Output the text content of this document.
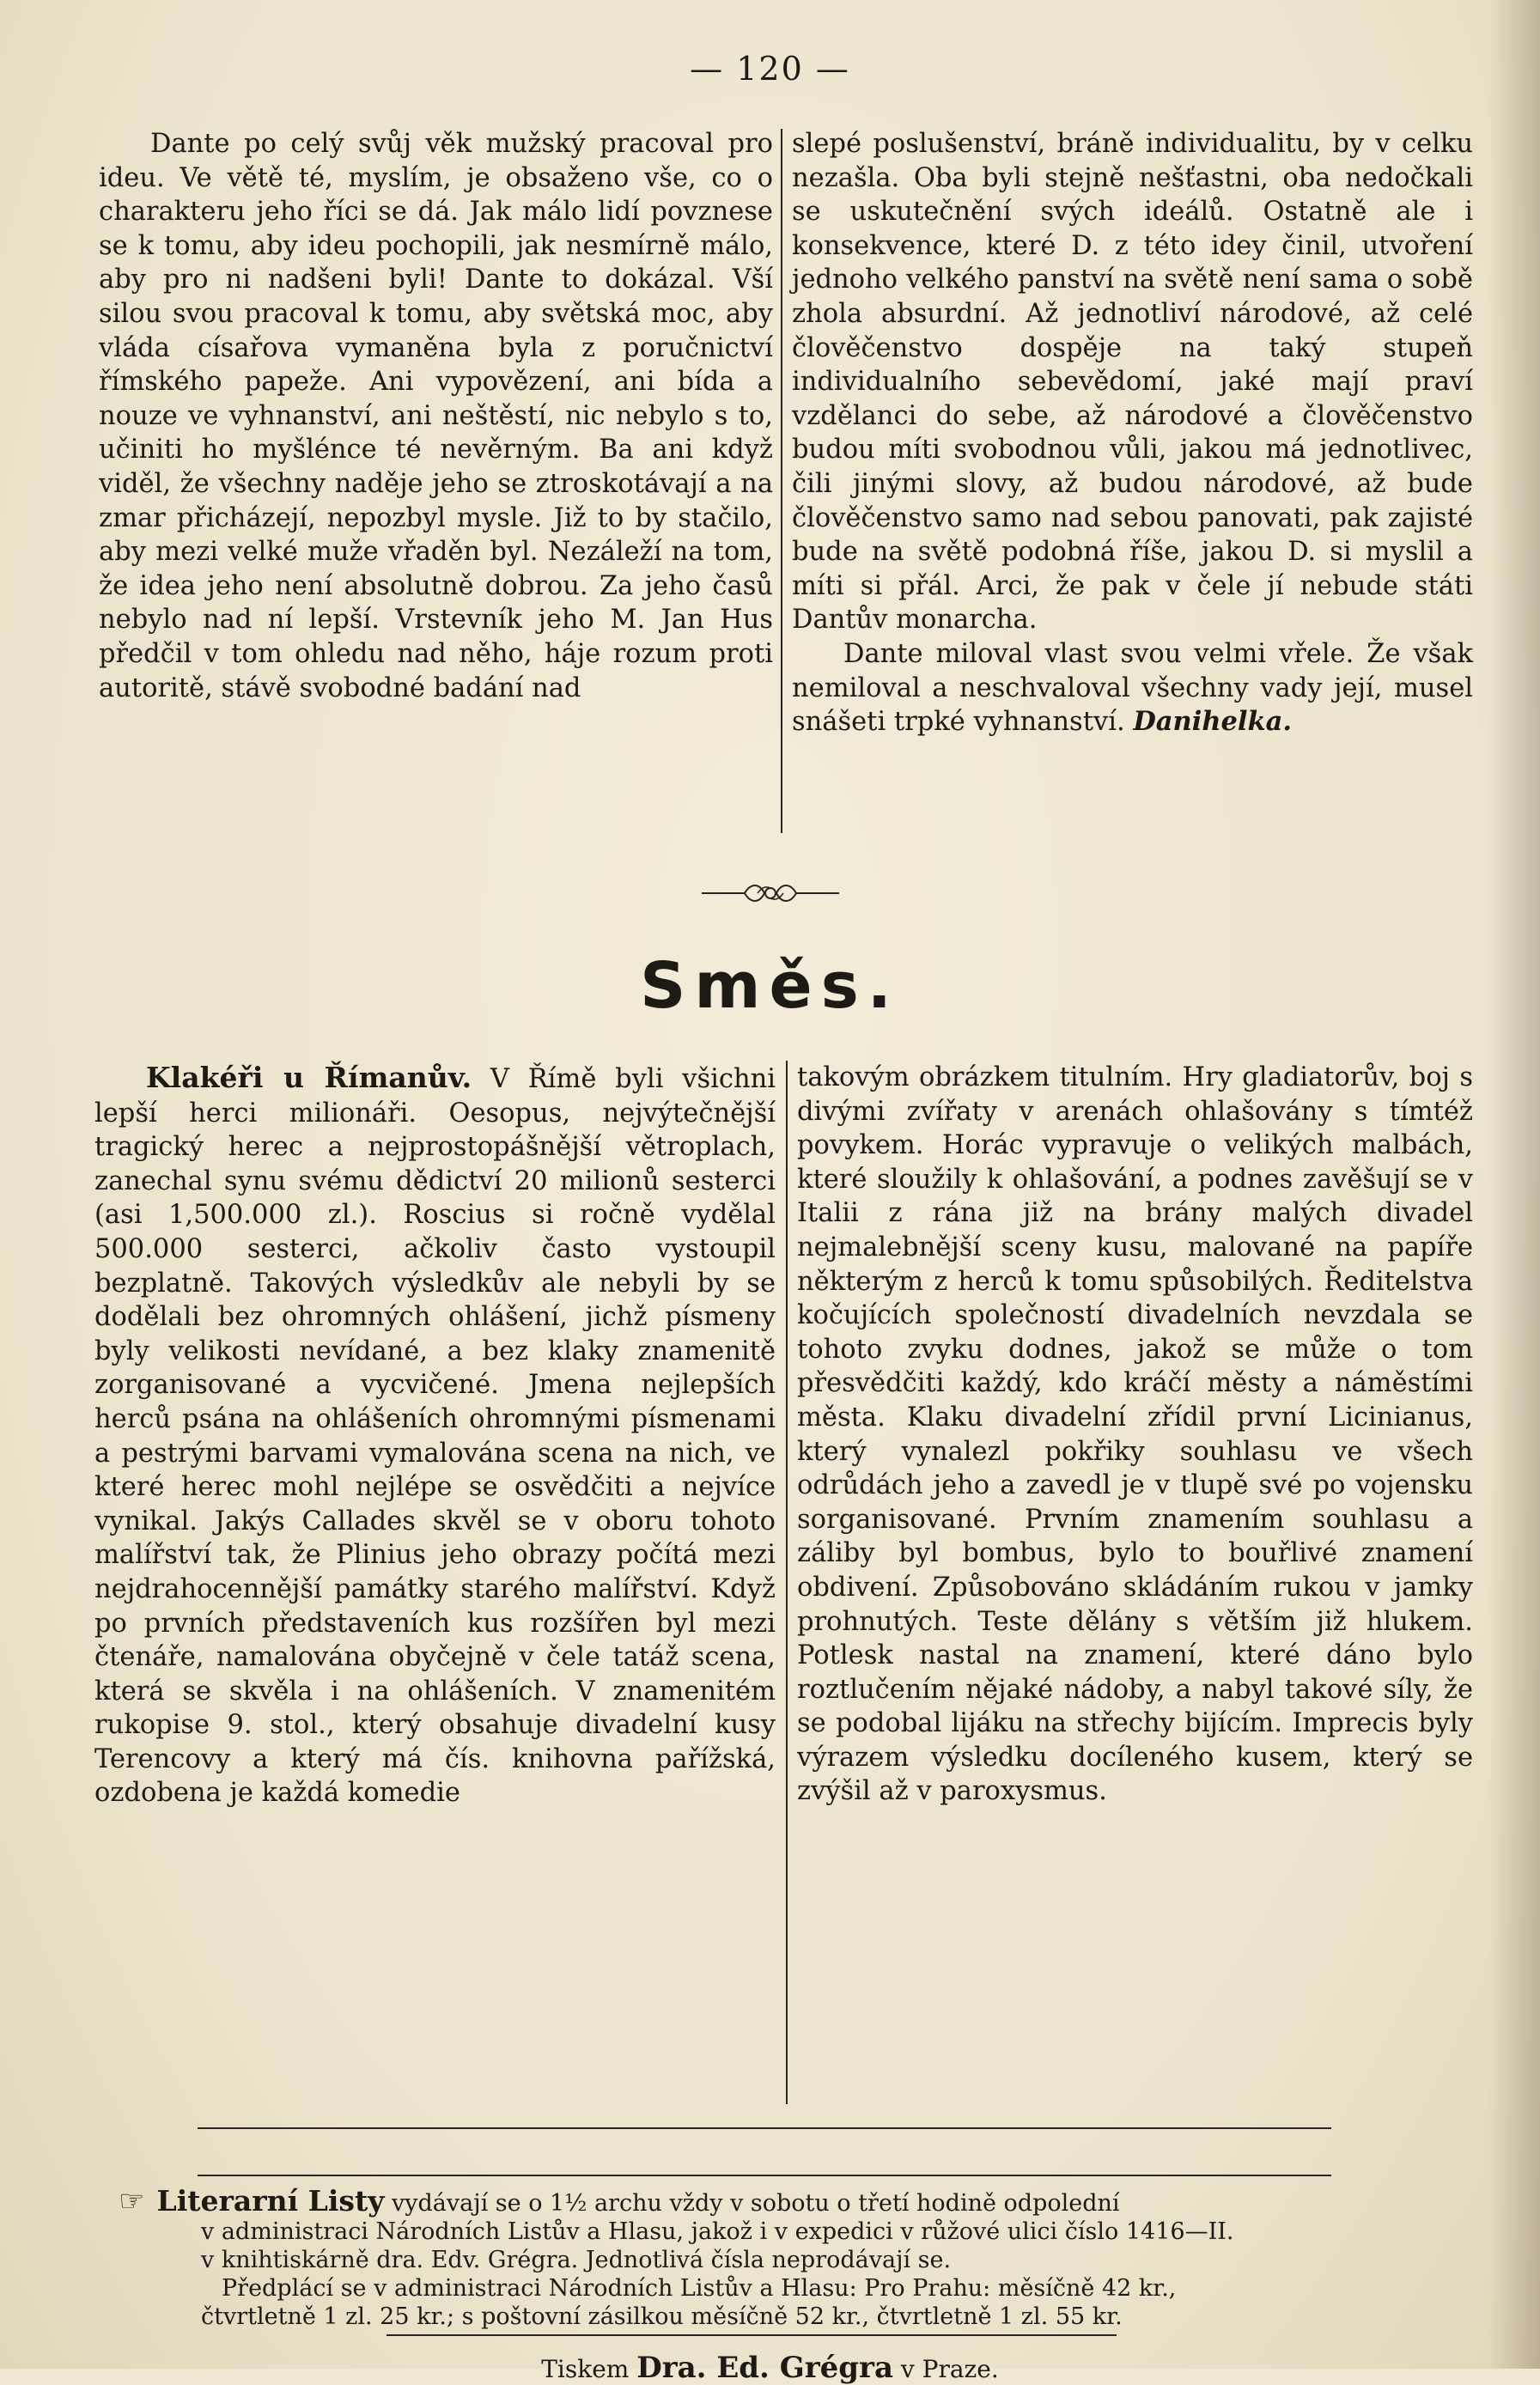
— 120 —

Dante po celý svůj věk mužský pracoval pro ideu. Ve větě té, myslím, je obsaženo vše, co o charakteru jeho říci se dá. Jak málo lidí povznese se k tomu, aby ideu pochopili, jak nesmírně málo, aby pro ni nadšeni byli! Dante to dokázal. Vší silou svou pracoval k tomu, aby světská moc, aby vláda císařova vymaněna byla z poručnictví římského papeže. Ani vypovězení, ani bída a nouze ve vyhnanství, ani neštěstí, nic nebylo s to, učiniti ho myšlénce té nevěrným. Ba ani když viděl, že všechny naděje jeho se ztroskotávají a na zmar přicházejí, nepozbyl mysle. Již to by stačilo, aby mezi velké muže vřaděn byl. Nezáleží na tom, že idea jeho není absolutně dobrou. Za jeho časů nebylo nad ní lepší. Vrstevník jeho M. Jan Hus předčil v tom ohledu nad něho, háje rozum proti autoritě, stávě svobodné badání nad

slepé poslušenství, bráně individualitu, by v celku nezašla. Oba byli stejně nešťastni, oba nedočkali se uskutečnění svých ideálů. Ostatně ale i konsekvence, které D. z této idey činil, utvoření jednoho velkého panství na světě není sama o sobě zhola absurdní. Až jednotliví národové, až celé člověčenstvo dospěje na taký stupeň individualního sebevědomí, jaké mají praví vzdělanci do sebe, až národové a člověčenstvo budou míti svobodnou vůli, jakou má jednotlivec, čili jinými slovy, až budou národové, až bude člověčenstvo samo nad sebou panovati, pak zajisté bude na světě podobná říše, jakou D. si myslil a míti si přál. Arci, že pak v čele jí nebude státi Dantův monarcha.

Dante miloval vlast svou velmi vřele. Že však nemiloval a neschvaloval všechny vady její, musel snášeti trpké vyhnanství. Danihelka.

Směs.

Klakéři u Římanův. V Římě byli všichni lepší herci milionáři. Oesopus, nejvýtečnější tragický herec a nejprostopášnější větroplach, zanechal synu svému dědictví 20 milionů sesterci (asi 1,500.000 zl.). Roscius si ročně vydělal 500.000 sesterci, ačkoliv často vystoupil bezplatně. Takových výsledkův ale nebyli by se dodělali bez ohromných ohlášení, jichž písmeny byly velikosti nevídané, a bez klaky znamenitě zorganisované a vycvičené. Jmena nejlepších herců psána na ohlášeních ohromnými písmenami a pestrými barvami vymalována scena na nich, ve které herec mohl nejlépe se osvědčiti a nejvíce vynikal. Jakýs Callades skvěl se v oboru tohoto malířství tak, že Plinius jeho obrazy počítá mezi nejdrahocennější památky starého malířství. Když po prvních představeních kus rozšířen byl mezi čtenáře, namalována obyčejně v čele tatáž scena, která se skvěla i na ohlášeních. V znamenitém rukopise 9. stol., který obsahuje divadelní kusy Terencovy a který má čís. knihovna pařížská, ozdobena je každá komedie

takovým obrázkem titulním. Hry gladiatorův, boj s divými zvířaty v arenách ohlašovány s tímtéž povykem. Horác vypravuje o velikých malbách, které sloužily k ohlašování, a podnes zavěšují se v Italii z rána již na brány malých divadel nejmalebnější sceny kusu, malované na papíře některým z herců k tomu spůsobilých. Ředitelstva kočujících společností divadelních nevzdala se tohoto zvyku dodnes, jakož se může o tom přesvědčiti každý, kdo kráčí městy a náměstími města. Klaku divadelní zřídil první Licinianus, který vynalezl pokřiky souhlasu ve všech odrůdách jeho a zavedl je v tlupě své po vojensku sorganisované. Prvním znamením souhlasu a záliby byl bombus, bylo to bouřlivé znamení obdivení. Způsobováno skládáním rukou v jamky prohnutých. Teste dělány s větším již hlukem. Potlesk nastal na znamení, které dáno bylo roztlučením nějaké nádoby, a nabyl takové síly, že se podobal lijáku na střechy bijícím. Imprecis byly výrazem výsledku docíleného kusem, který se zvýšil až v paroxysmus.

☞ Literarní Listy vydávají se o 1½ archu vždy v sobotu o třetí hodině odpolední
v administraci Národních Listův a Hlasu, jakož i v expedici v růžové ulici číslo 1416—II.
v knihtiskárně dra. Edv. Grégra. Jednotlivá čísla neprodávají se.
Předplácí se v administraci Národních Listův a Hlasu: Pro Prahu: měsíčně 42 kr.,
čtvrtletně 1 zl. 25 kr.; s poštovní zásilkou měsíčně 52 kr., čtvrtletně 1 zl. 55 kr.
Tiskem Dra. Ed. Grégra v Praze.
